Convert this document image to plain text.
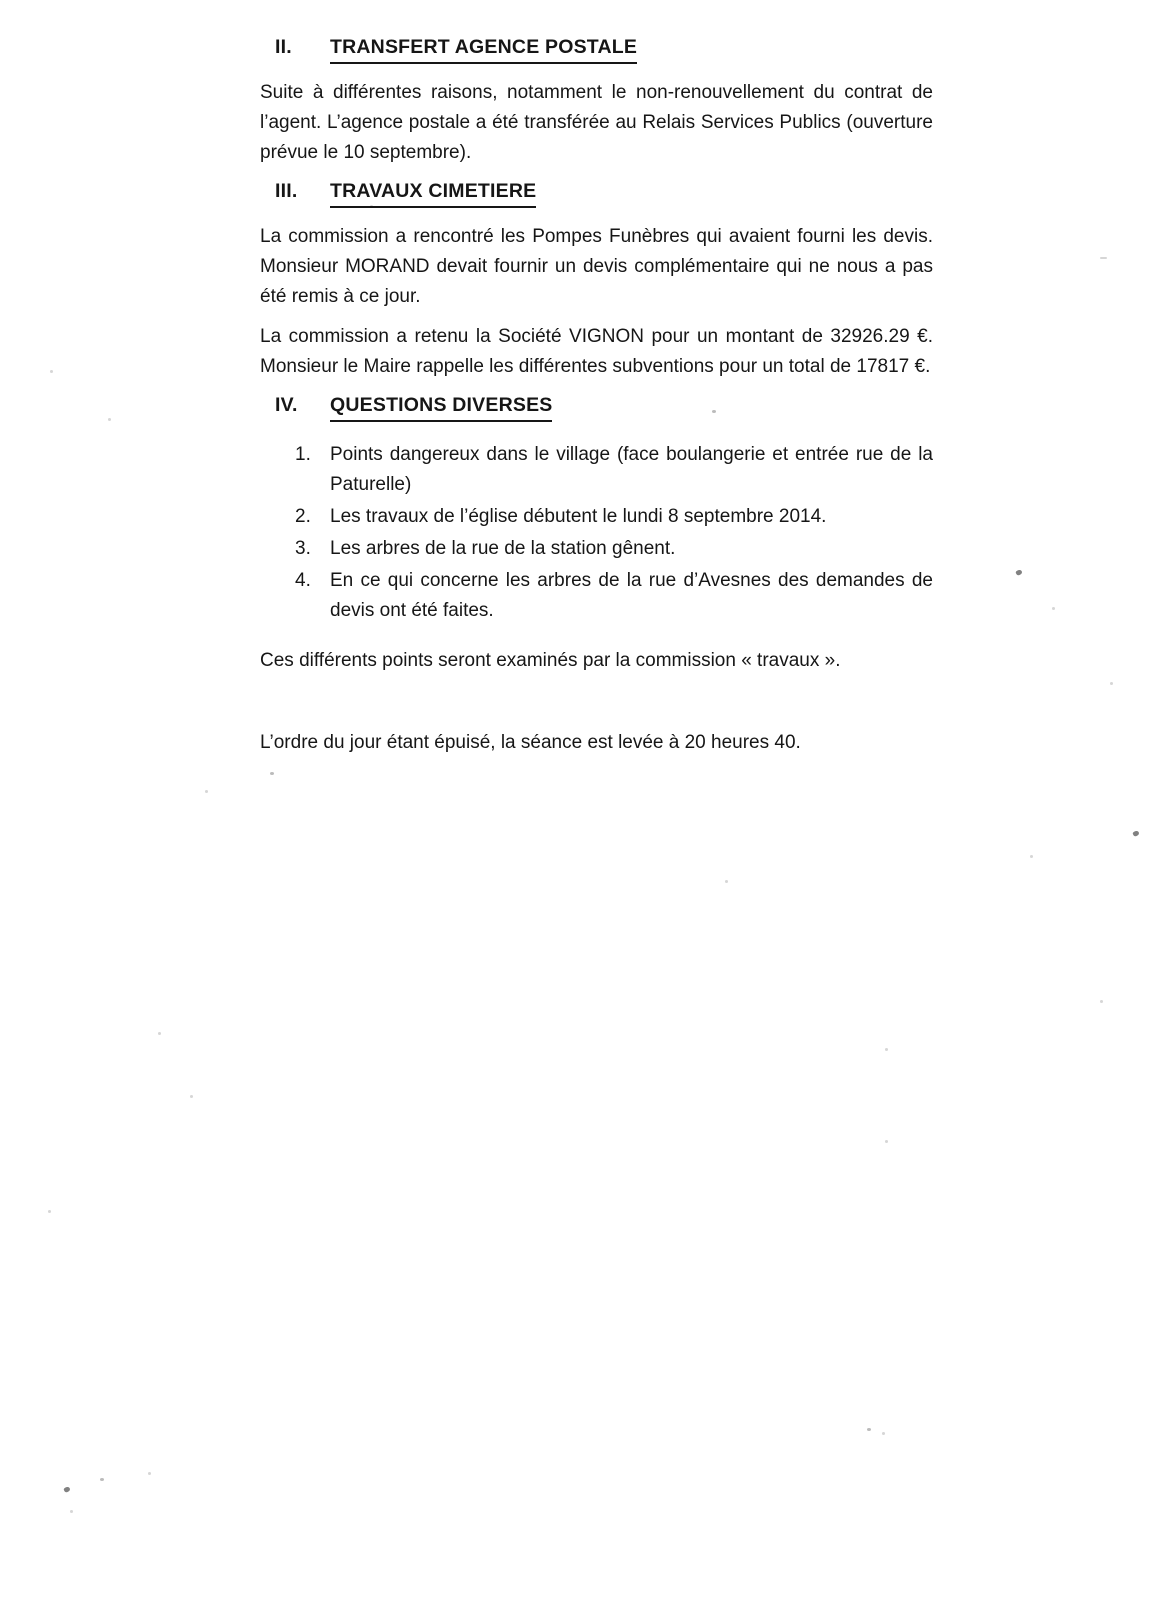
II.	TRANSFERT AGENCE POSTALE

Suite à différentes raisons, notamment le non-renouvellement du contrat de l’agent. L’agence postale a été transférée au Relais Services Publics (ouverture prévue le 10 septembre).

III.	TRAVAUX CIMETIERE

La commission a rencontré les Pompes Funèbres qui avaient fourni les devis. Monsieur MORAND devait fournir un devis complémentaire qui ne nous a pas été remis à ce jour.

La commission a retenu la Société VIGNON pour un montant de 32926.29 €. Monsieur le Maire rappelle les différentes subventions pour un total de 17817 €.

IV.	QUESTIONS DIVERSES
1.	Points dangereux dans le village (face boulangerie et entrée rue de la Paturelle)
2.	Les travaux de l’église débutent le lundi 8 septembre 2014.
3.	Les arbres de la rue de la station gênent.
4.	En ce qui concerne les arbres de la rue d’Avesnes des demandes de devis ont été faites.

Ces différents points seront examinés par la commission « travaux ».

L’ordre du jour étant épuisé, la séance est levée à 20 heures 40.
